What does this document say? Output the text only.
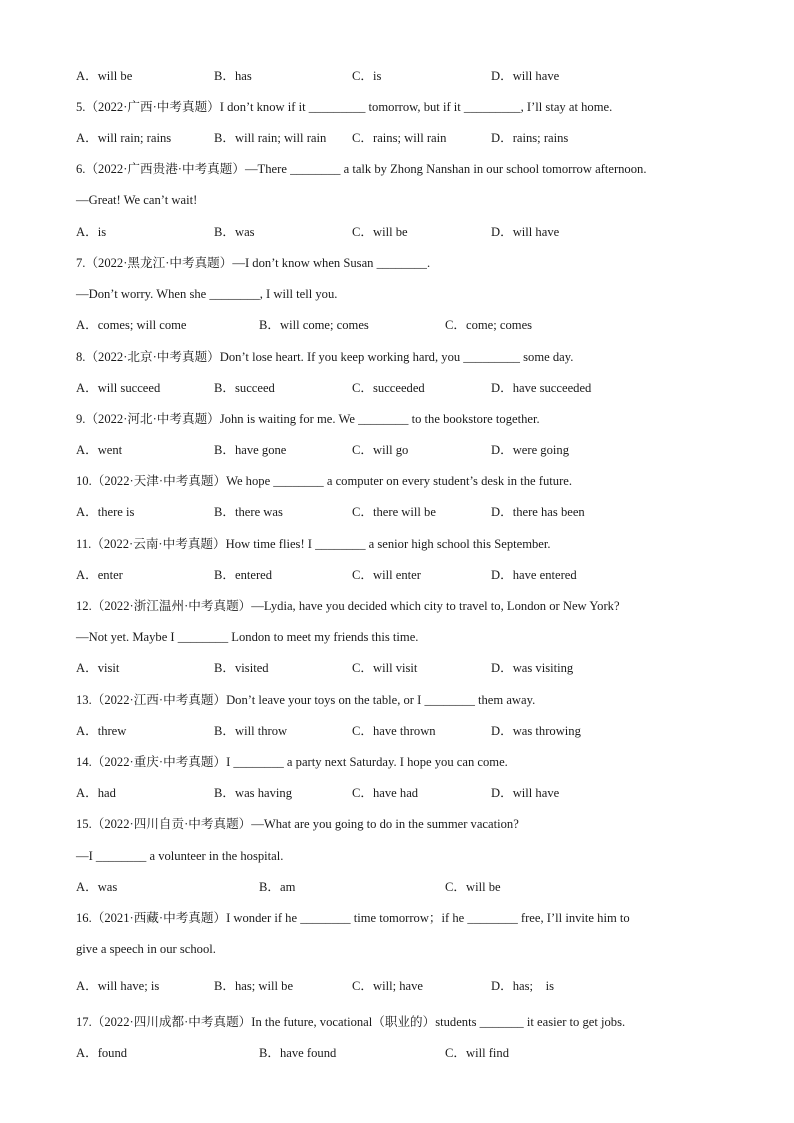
A．will be	B．has	C．is	D．will have
5.（2022·广西·中考真题）I don’t know if it _________ tomorrow, but if it _________, I’ll stay at home.
A．will rain; rains	B．will rain; will rain C．rains; will rain	D．rains; rains
6.（2022·广西贵港·中考真题）—There ________ a talk by Zhong Nanshan in our school tomorrow afternoon.
—Great! We can’t wait!
A．is	B．was	C．will be	D．will have
7.（2022·黑龙江·中考真题）—I don’t know when Susan ________.
—Don’t worry. When she ________, I will tell you.
A．comes; will come	B．will come; comes	C．come; comes
8.（2022·北京·中考真题）Don’t lose heart. If you keep working hard, you _________ some day.
A．will succeed	B．succeed	C．succeeded	D．have succeeded
9.（2022·河北·中考真题）John is waiting for me. We ________ to the bookstore together.
A．went	B．have gone	C．will go	D．were going
10.（2022·天津·中考真题）We hope ________ a computer on every student’s desk in the future.
A．there is	B．there was	C．there will be	D．there has been
11.（2022·云南·中考真题）How time flies! I ________ a senior high school this September.
A．enter	B．entered	C．will enter	D．have entered
12.（2022·浙江温州·中考真题）—Lydia, have you decided which city to travel to, London or New York?
—Not yet. Maybe I ________ London to meet my friends this time.
A．visit	B．visited	C．will visit	D．was visiting
13.（2022·江西·中考真题）Don’t leave your toys on the table, or I ________ them away.
A．threw	B．will throw	C．have thrown	D．was throwing
14.（2022·重庆·中考真题）I ________ a party next Saturday. I hope you can come.
A．had	B．was having	C．have had	D．will have
15.（2022·四川自贡·中考真题）—What are you going to do in the summer vacation?
—I ________ a volunteer in the hospital.
A．was	B．am	C．will be
16.（2021·西藏·中考真题）I wonder if he ________ time tomorrow；if he ________ free, I’ll invite him to
give a speech in our school.
A．will have; is	B．has; will be	C．will; have	D．has;　is
17.（2022·四川成都·中考真题）In the future, vocational（职业的）students _______ it easier to get jobs.
A．found	B．have found	C．will find
